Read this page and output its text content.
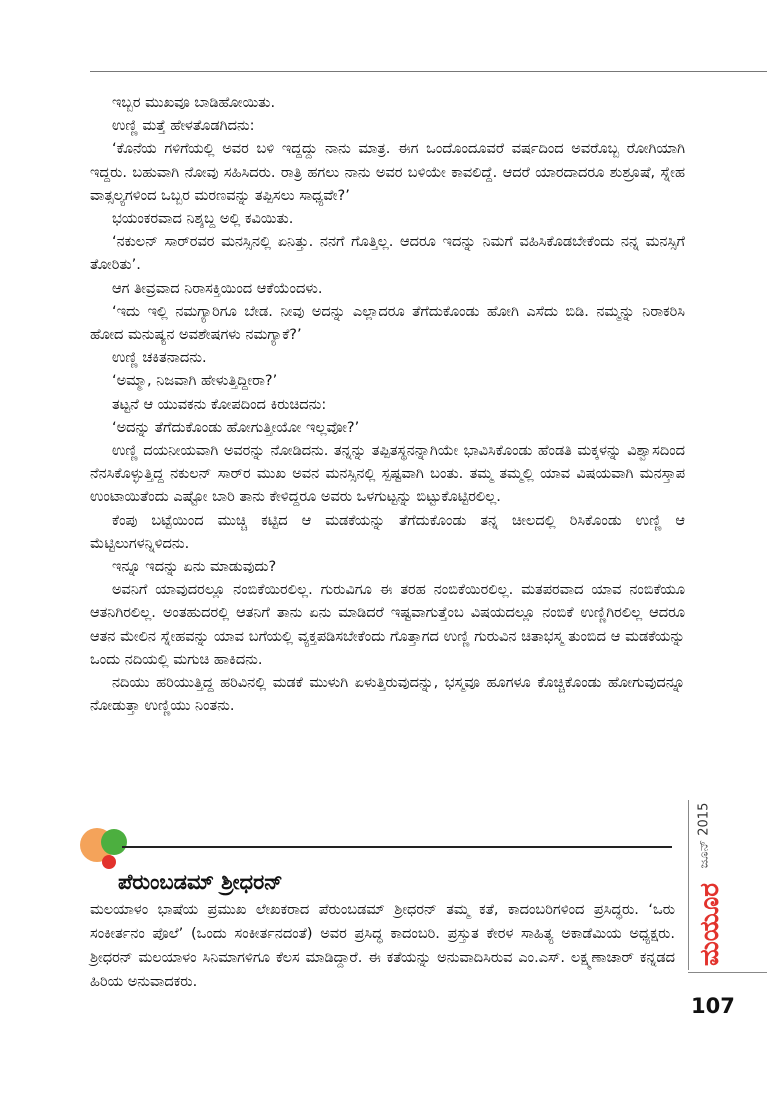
ಇಬ್ಬರ ಮುಖವೂ ಬಾಡಿಹೋಯಿತು.

ಉಣ್ಣಿ ಮತ್ತೆ ಹೇಳತೊಡಗಿದನು:

‘ಕೊನೆಯ ಗಳಿಗೆಯಲ್ಲಿ ಅವರ ಬಳಿ ಇದ್ದದ್ದು ನಾನು ಮಾತ್ರ. ಈಗ ಒಂದೊಂದೂವರೆ ವರ್ಷದಿಂದ ಅವರೊಬ್ಬ ರೋಗಿಯಾಗಿ ಇದ್ದರು. ಬಹುವಾಗಿ ನೋವು ಸಹಿಸಿದರು. ರಾತ್ರಿ ಹಗಲು ನಾನು ಅವರ ಬಳಿಯೇ ಕಾವಲಿದ್ದೆ. ಆದರೆ ಯಾರದಾದರೂ ಶುಶ್ರೂಷೆ, ಸ್ನೇಹ ವಾತ್ಸಲ್ಯಗಳಿಂದ ಒಬ್ಬರ ಮರಣವನ್ನು ತಪ್ಪಿಸಲು ಸಾಧ್ಯವೇ?’

ಭಯಂಕರವಾದ ನಿಶ್ಶಬ್ದ ಅಲ್ಲಿ ಕವಿಯಿತು.

‘ನಕುಲನ್ ಸಾರ್‌ರವರ ಮನಸ್ಸಿನಲ್ಲಿ ಏನಿತ್ತು. ನನಗೆ ಗೊತ್ತಿಲ್ಲ. ಆದರೂ ಇದನ್ನು ನಿಮಗೆ ವಹಿಸಿಕೊಡಬೇಕೆಂದು ನನ್ನ ಮನಸ್ಸಿಗೆ ತೋರಿತು’.

ಆಗ ತೀವ್ರವಾದ ನಿರಾಸಕ್ತಿಯಿಂದ ಆಕೆಯೆಂದಳು.

‘ಇದು ಇಲ್ಲಿ ನಮಗ್ಯಾರಿಗೂ ಬೇಡ. ನೀವು ಅದನ್ನು ಎಲ್ಲಾದರೂ ತೆಗೆದುಕೊಂಡು ಹೋಗಿ ಎಸೆದು ಬಿಡಿ. ನಮ್ಮನ್ನು ನಿರಾಕರಿಸಿ ಹೋದ ಮನುಷ್ಯನ ಅವಶೇಷಗಳು ನಮಗ್ಯಾಕೆ?’

ಉಣ್ಣಿ ಚಕಿತನಾದನು.

‘ಅಮ್ಮಾ, ನಿಜವಾಗಿ ಹೇಳುತ್ತಿದ್ದೀರಾ?’

ತಟ್ಟನೆ ಆ ಯುವಕನು ಕೋಪದಿಂದ ಕಿರುಚಿದನು:

‘ಅದನ್ನು ತೆಗೆದುಕೊಂಡು ಹೋಗುತ್ತೀಯೋ ಇಲ್ಲವೋ?’

ಉಣ್ಣಿ ದಯನೀಯವಾಗಿ ಅವರನ್ನು ನೋಡಿದನು. ತನ್ನನ್ನು ತಪ್ಪಿತಸ್ಥನನ್ನಾಗಿಯೇ ಭಾವಿಸಿಕೊಂಡು ಹೆಂಡತಿ ಮಕ್ಕಳನ್ನು ವಿಶ್ವಾಸದಿಂದ ನೆನಸಿಕೊಳ್ಳುತ್ತಿದ್ದ ನಕುಲನ್ ಸಾರ್‌ರ ಮುಖ ಅವನ ಮನಸ್ಸಿನಲ್ಲಿ ಸ್ಪಷ್ಟವಾಗಿ ಬಂತು. ತಮ್ಮ ತಮ್ಮಲ್ಲಿ ಯಾವ ವಿಷಯವಾಗಿ ಮನಸ್ತಾಪ ಉಂಟಾಯಿತೆಂದು ಎಷ್ಟೋ ಬಾರಿ ತಾನು ಕೇಳಿದ್ದರೂ ಅವರು ಒಳಗುಟ್ಟನ್ನು ಬಿಟ್ಟುಕೊಟ್ಟಿರಲಿಲ್ಲ.

ಕೆಂಪು ಬಟ್ಟೆಯಿಂದ ಮುಚ್ಚಿ ಕಟ್ಟಿದ ಆ ಮಡಕೆಯನ್ನು ತೆಗೆದುಕೊಂಡು ತನ್ನ ಚೀಲದಲ್ಲಿ ರಿಸಿಕೊಂಡು ಉಣ್ಣಿ ಆ ಮೆಟ್ಟಿಲುಗಳನ್ನಿಳಿದನು.

ಇನ್ನೂ ಇದನ್ನು ಏನು ಮಾಡುವುದು?

ಅವನಿಗೆ ಯಾವುದರಲ್ಲೂ ನಂಬಿಕೆಯಿರಲಿಲ್ಲ. ಗುರುವಿಗೂ ಈ ತರಹ ನಂಬಿಕೆಯಿರಲಿಲ್ಲ. ಮತಪರವಾದ ಯಾವ ನಂಬಿಕೆಯೂ ಆತನಿಗಿರಲಿಲ್ಲ. ಅಂತಹುದರಲ್ಲಿ ಆತನಿಗೆ ತಾನು ಏನು ಮಾಡಿದರೆ ಇಷ್ಟವಾಗುತ್ತೆಂಬ ವಿಷಯದಲ್ಲೂ ನಂಬಿಕೆ ಉಣ್ಣಿಗಿರಲಿಲ್ಲ ಆದರೂ ಆತನ ಮೇಲಿನ ಸ್ನೇಹವನ್ನು ಯಾವ ಬಗೆಯಲ್ಲಿ ವ್ಯಕ್ತಪಡಿಸಬೇಕೆಂದು ಗೊತ್ತಾಗದ ಉಣ್ಣಿ ಗುರುವಿನ ಚಿತಾಭಸ್ಮ ತುಂಬಿದ ಆ ಮಡಕೆಯನ್ನು ಒಂದು ನದಿಯಲ್ಲಿ ಮಗುಚಿ ಹಾಕಿದನು.

ನದಿಯು ಹರಿಯುತ್ತಿದ್ದ ಹರಿವಿನಲ್ಲಿ ಮಡಕೆ ಮುಳುಗಿ ಏಳುತ್ತಿರುವುದನ್ನು, ಭಸ್ಮವೂ ಹೂಗಳೂ ಕೊಚ್ಚಿಕೊಂಡು ಹೋಗುವುದನ್ನೂ ನೋಡುತ್ತಾ ಉಣ್ಣಿಯು ನಿಂತನು.

ಪೆರುಂಬಡಮ್ ಶ್ರೀಧರನ್

ಮಲಯಾಳಂ ಭಾಷೆಯ ಪ್ರಮುಖ ಲೇಖಕರಾದ ಪೆರುಂಬಡಮ್ ಶ್ರೀಧರನ್ ತಮ್ಮ ಕತೆ, ಕಾದಂಬರಿಗಳಿಂದ ಪ್ರಸಿದ್ಧರು. ‘ಒರು ಸಂಕೀರ್ತನಂ ಪೊಲೆ’ (ಒಂದು ಸಂಕೀರ್ತನದಂತೆ) ಅವರ ಪ್ರಸಿದ್ಧ ಕಾದಂಬರಿ. ಪ್ರಸ್ತುತ ಕೇರಳ ಸಾಹಿತ್ಯ ಅಕಾಡೆಮಿಯ ಅಧ್ಯಕ್ಷರು. ಶ್ರೀಧರನ್ ಮಲಯಾಳಂ ಸಿನಿಮಾಗಳಿಗೂ ಕೆಲಸ ಮಾಡಿದ್ದಾರೆ. ಈ ಕತೆಯನ್ನು ಅನುವಾದಿಸಿರುವ ಎಂ.ಎಸ್. ಲಕ್ಷ್ಮಣಾಚಾರ್ ಕನ್ನಡದ ಹಿರಿಯ ಅನುವಾದಕರು.

ಜೂನ್ 2015
ಮಯೂರ
107
